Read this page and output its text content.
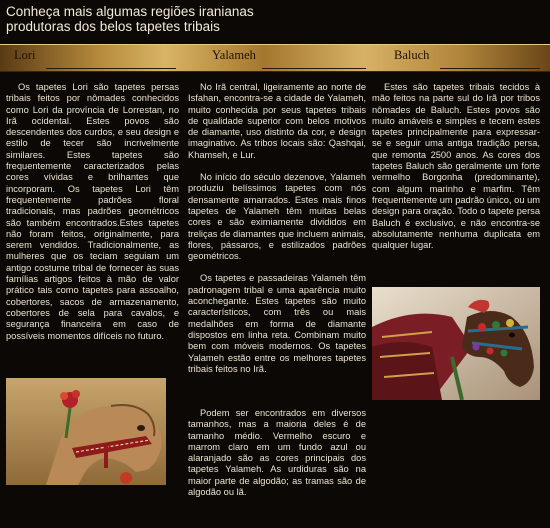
Conheça mais algumas regiões iranianas
produtoras dos belos tapetes tribais
Lori	Yalameh	Baluch

Os tapetes Lori são tapetes persas tribais feitos por nômades conhecidos como Lori da província de Lorrestan, no Irã ocidental. Estes povos são descendentes dos curdos, e seu design e estilo de tecer são incrivelmente similares. Estes tapetes são frequentemente caracterizados pelas cores vívidas e brilhantes que incorporam. Os tapetes Lori têm frequentemente padrões floral tradicionais, mas padrões geométricos são também encontrados.Estes tapetes não foram feitos, originalmente, para serem vendidos. Tradicionalmente, as mulheres que os teciam seguiam um antigo costume tribal de fornecer às suas famílias artigos feitos à mão de valor prático tais como tapetes para assoalho, cobertores, sacos de armazenamento, cobertores de sela para cavalos, e segurança financeira em caso de possíveis momentos difíceis no futuro.

No Irã central, ligeiramente ao norte de Isfahan, encontra-se a cidade de Yalameh, muito conhecida por seus tapetes tribais de qualidade superior com belos motivos de diamante, uso distinto da cor, e design imaginativo. As tribos locais são: Qashqai, Khamseh, e Lur.

No início do século dezenove, Yalameh produziu belíssimos tapetes com nós densamente amarrados. Estes mais finos tapetes de Yalameh têm muitas belas cores e são eximiamente divididos em treliças de diamantes que incluem animais, flores, pássaros, e estilizados padrões geométricos.

Os tapetes e passadeiras Yalameh têm padronagem tribal e uma aparência muito aconchegante. Estes tapetes são muito característicos, com três ou mais medalhões em forma de diamante dispostos em linha reta. Combinam muito bem com móveis modernos. Os tapetes Yalameh estão entre os melhores tapetes tribais feitos no Irã.

Podem ser encontrados em diversos tamanhos, mas a maioria deles é de tamanho médio. Vermelho escuro e marrom claro em um fundo azul ou alaranjado são as cores principais dos tapetes Yalameh. As urdiduras são na maior parte de algodão; as tramas são de algodão ou lã.

Estes são tapetes tribais tecidos à mão feitos na parte sul do Irã por tribos nômades de Baluch. Estes povos são muito amáveis e simples e tecem estes tapetes principalmente para expressar-se e seguir uma antiga tradição persa, que remonta 2500 anos. As cores dos tapetes Baluch são geralmente um forte vermelho Borgonha (predominante), com algum marinho e marfim. Têm frequentemente um padrão único, ou um design para oração. Todo o tapete persa Baluch é exclusivo, e não encontra-se absolutamente nenhuma duplicata em qualquer lugar.
